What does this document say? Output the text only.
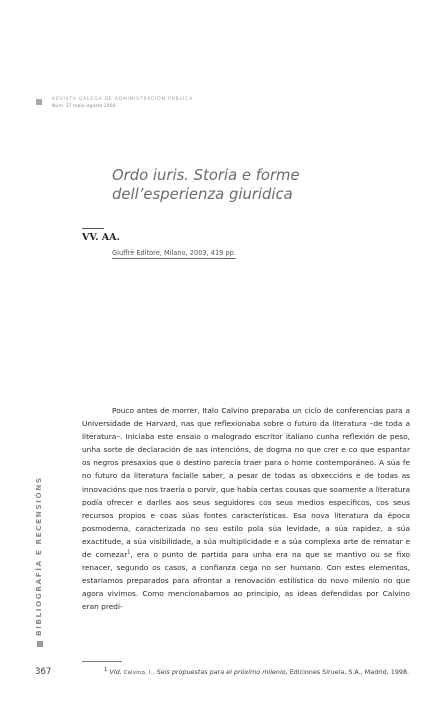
REVISTA GALEGA DE ADMINISTRACIÓN PÚBLICA
Núm. 37 maio–agosto 2004
Ordo iuris. Storia e forme dell’esperienza giuridica
VV. AA.
Giuffrè Editore, Milano, 2003, 419 pp.

Pouco antes de morrer, Italo Calvino preparaba un ciclo de conferencias para a Universidade de Harvard, nas que reflexionaba sobre o futuro da literatura –de toda a literatura–. Iniciaba este ensaio o malogrado escritor italiano cunha reflexión de peso, unha sorte de declaración de sas intencións, de dogma no que crer e co que espantar os negros presaxios que o destino parecía traer para o home contemporáneo. A súa fe no futuro da literatura facíalle saber, a pesar de todas as obxeccións e de todas as innovacións que nos traería o porvir, que había certas cousas que soamente a literatura podía ofrecer e darlles aos seus seguidores cos seus medios específicos, cos seus recursos propios e coas súas fontes características. Esa nova literatura da época posmoderna, caracterizada no seu estilo pola súa levidade, a súa rapidez, a súa exactitude, a súa visibilidade, a súa multiplicidade e a súa complexa arte de rematar e de comezar$^1$, era o punto de partida para unha era na que se mantivo ou se fixo renacer, segundo os casos, a confianza cega no ser humano. Con estes elementos, estariamos preparados para afrontar a renovación estilística do novo milenio no que agora vivimos. Como mencionabamos ao principio, as ideas defendidas por Calvino eran predi-

$^1$ Vid. Calvino, I., Seis propuestas para el próximo milenio, Ediciones Siruela, S.A., Madrid, 1998.
BIBLIOGRAFÍA E RECENSIÓNS
367
